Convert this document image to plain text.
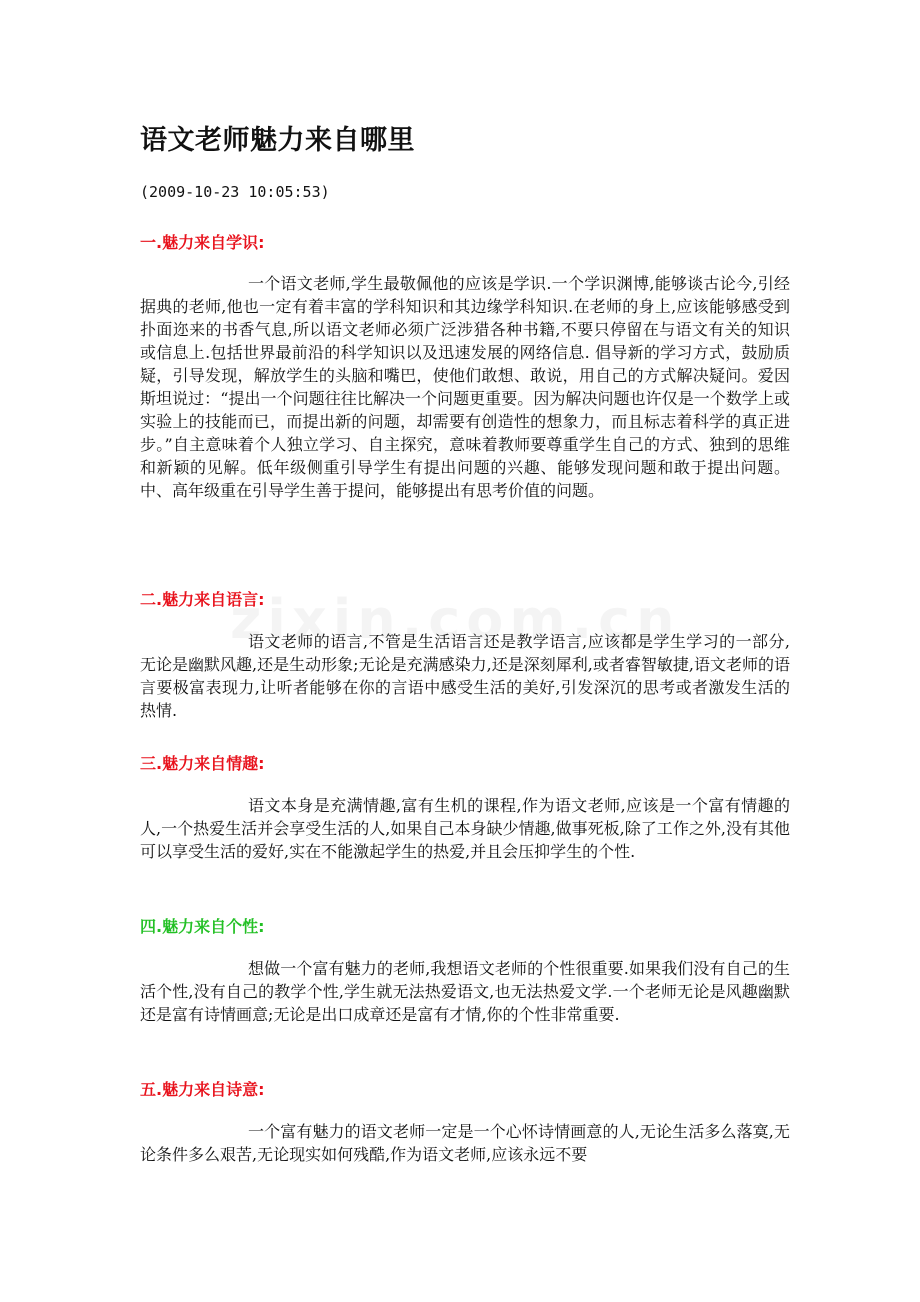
语文老师魅力来自哪里
(2009-10-23 10:05:53)
一.魅力来自学识:

一个语文老师,学生最敬佩他的应该是学识.一个学识渊博,能够谈古论今,引经据典的老师,他也一定有着丰富的学科知识和其边缘学科知识.在老师的身上,应该能够感受到扑面迩来的书香气息,所以语文老师必须广泛涉猎各种书籍,不要只停留在与语文有关的知识或信息上.包括世界最前沿的科学知识以及迅速发展的网络信息. 倡导新的学习方式，鼓励质疑，引导发现，解放学生的头脑和嘴巴，使他们敢想、敢说，用自己的方式解决疑问。爱因斯坦说过：“提出一个问题往往比解决一个问题更重要。因为解决问题也许仅是一个数学上或实验上的技能而已，而提出新的问题，却需要有创造性的想象力，而且标志着科学的真正进步。”自主意味着个人独立学习、自主探究，意味着教师要尊重学生自己的方式、独到的思维和新颖的见解。低年级侧重引导学生有提出问题的兴趣、能够发现问题和敢于提出问题。中、高年级重在引导学生善于提问，能够提出有思考价值的问题。

二.魅力来自语言:

语文老师的语言,不管是生活语言还是教学语言,应该都是学生学习的一部分,无论是幽默风趣,还是生动形象;无论是充满感染力,还是深刻犀利,或者睿智敏捷,语文老师的语言要极富表现力,让听者能够在你的言语中感受生活的美好,引发深沉的思考或者激发生活的热情.

三.魅力来自情趣:

语文本身是充满情趣,富有生机的课程,作为语文老师,应该是一个富有情趣的人,一个热爱生活并会享受生活的人,如果自己本身缺少情趣,做事死板,除了工作之外,没有其他可以享受生活的爱好,实在不能激起学生的热爱,并且会压抑学生的个性.

四.魅力来自个性:

想做一个富有魅力的老师,我想语文老师的个性很重要.如果我们没有自己的生活个性,没有自己的教学个性,学生就无法热爱语文,也无法热爱文学.一个老师无论是风趣幽默还是富有诗情画意;无论是出口成章还是富有才情,你的个性非常重要.

五.魅力来自诗意:

一个富有魅力的语文老师一定是一个心怀诗情画意的人,无论生活多么落寞,无论条件多么艰苦,无论现实如何残酷,作为语文老师,应该永远不要
